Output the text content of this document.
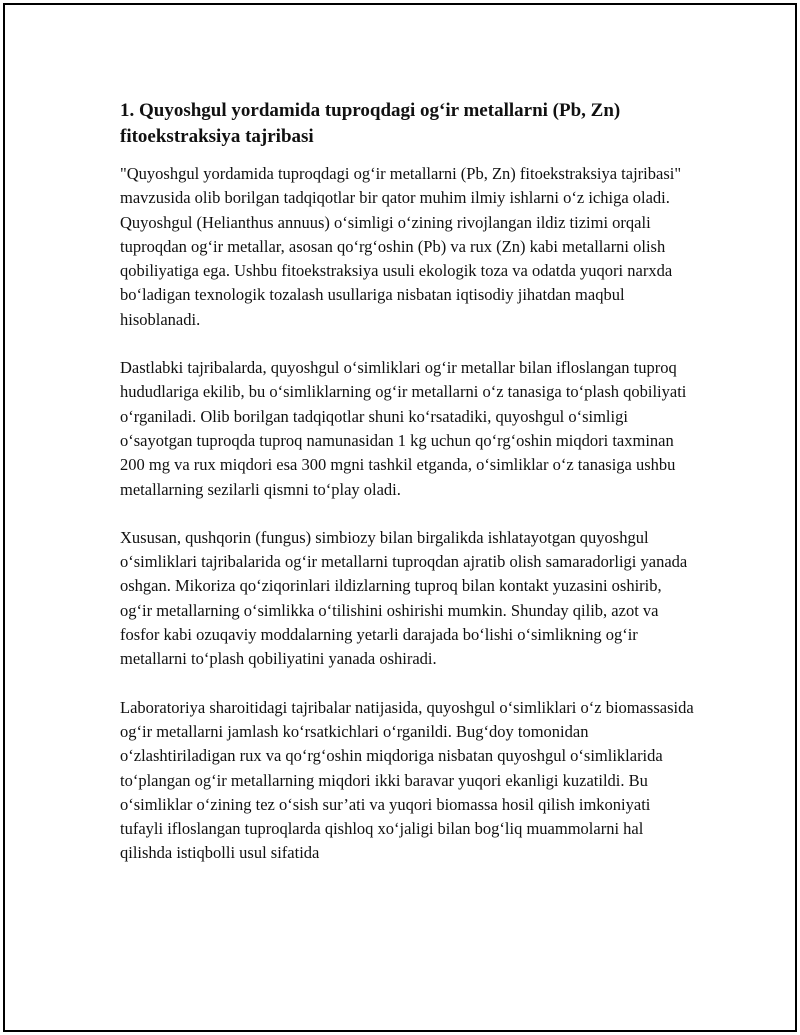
1. Quyoshgul yordamida tuproqdagi og‘ir metallarni (Pb, Zn) fitoekstraksiya tajribasi

"Quyoshgul yordamida tuproqdagi og‘ir metallarni (Pb, Zn) fitoekstraksiya tajribasi" mavzusida olib borilgan tadqiqotlar bir qator muhim ilmiy ishlarni o‘z ichiga oladi. Quyoshgul (Helianthus annuus) o‘simligi o‘zining rivojlangan ildiz tizimi orqali tuproqdan og‘ir metallar, asosan qo‘rg‘oshin (Pb) va rux (Zn) kabi metallarni olish qobiliyatiga ega. Ushbu fitoekstraksiya usuli ekologik toza va odatda yuqori narxda bo‘ladigan texnologik tozalash usullariga nisbatan iqtisodiy jihatdan maqbul hisoblanadi.

Dastlabki tajribalarda, quyoshgul o‘simliklari og‘ir metallar bilan ifloslangan tuproq hududlariga ekilib, bu o‘simliklarning og‘ir metallarni o‘z tanasiga to‘plash qobiliyati o‘rganiladi. Olib borilgan tadqiqotlar shuni ko‘rsatadiki, quyoshgul o‘simligi o‘sayotgan tuproqda tuproq namunasidan 1 kg uchun qo‘rg‘oshin miqdori taxminan 200 mg va rux miqdori esa 300 mgni tashkil etganda, o‘simliklar o‘z tanasiga ushbu metallarning sezilarli qismni to‘play oladi.

Xususan, qushqorin (fungus) simbiozy bilan birgalikda ishlatayotgan quyoshgul o‘simliklari tajribalarida og‘ir metallarni tuproqdan ajratib olish samaradorligi yanada oshgan. Mikoriza qo‘ziqorinlari ildizlarning tuproq bilan kontakt yuzasini oshirib, og‘ir metallarning o‘simlikka o‘tilishini oshirishi mumkin. Shunday qilib, azot va fosfor kabi ozuqaviy moddalarning yetarli darajada bo‘lishi o‘simlikning og‘ir metallarni to‘plash qobiliyatini yanada oshiradi.

Laboratoriya sharoitidagi tajribalar natijasida, quyoshgul o‘simliklari o‘z biomassasida og‘ir metallarni jamlash ko‘rsatkichlari o‘rganildi. Bug‘doy tomonidan o‘zlashtiriladigan rux va qo‘rg‘oshin miqdoriga nisbatan quyoshgul o‘simliklarida to‘plangan og‘ir metallarning miqdori ikki baravar yuqori ekanligi kuzatildi. Bu o‘simliklar o‘zining tez o‘sish sur’ati va yuqori biomassa hosil qilish imkoniyati tufayli ifloslangan tuproqlarda qishloq xo‘jaligi bilan bog‘liq muammolarni hal qilishda istiqbolli usul sifatida
